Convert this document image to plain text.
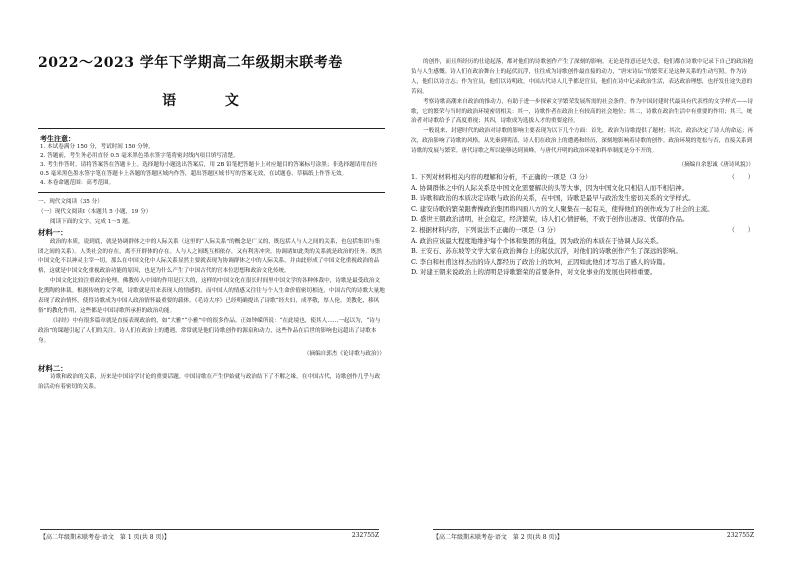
2022～2023 学年下学期高二年级期末联考卷
语 文
考生注意：

1. 本试卷满分 150 分，考试时间 150 分钟。

2. 答题前，考生务必用直径 0.5 毫米黑色墨水签字笔将密封线内项目填写清楚。

3. 考生作答时，请将答案答在答题卡上。选择题每小题选出答案后，用 2B 铅笔把答题卡上对应题目的答案标号涂黑；非选择题请用直径 0.5 毫米黑色墨水签字笔在答题卡上各题的答题区域内作答，超出答题区域书写的答案无效，在试题卷、草稿纸上作答无效。

4. 本卷命题范围：高考范围。

一、现代文阅读（35 分）

（一）现代文阅读Ⅰ（本题共 5 小题，19 分）

阅读下面的文字，完成 1～5 题。

材料一：

政治的本质，说到底，就是协调群体之中的人际关系（这里的“人际关系”的概念是广义的，既包括人与人之间的关系，也包括集团与集团之间的关系）。人类社会的存在，离不开群体的存在。人与人之间既互相依存，又有利害冲突。协调诸如此类的关系就是政治的任务。既然中国文化不以神灵主宰一切，那么在中国文化中人际关系显然主要就表现为协调群体之中的人际关系，并由此形成了中国文化重视政治的品格，这就是中国文化重视政治功能的原因，也是为什么产生了中国古代的官本位思想和政治文化传统。

中国文化比较注重政治伦理，佛教传入中国的作用是巨大的，这样的中国文化在很长时间里中国文学的各种体裁中，诗歌是最受政治文化熏陶的体裁。根据传统的文学观，诗歌就是用来表现人的情感的，而中国人的情感又往往与个人生命价值密切相连，中国古代的诗歌大量地表现了政治情怀，使得诗歌成为中国人政治情怀最重要的载体。《毛诗大序》已经明确提出了诗歌“经夫妇，成孝敬，厚人伦，美教化，移风俗”的教化作用，这些都是中国诗歌所承担的政治功能。

《诗经》中有很多篇章就是直接表现政治的，如“大雅”“小雅”中的很多作品。正如钟嵘所说：“在此境也，使其人……一起以为，“诗与政治”的课题引起了人们的关注。诗人们在政治上的遭遇，常常就是他们诗歌创作的源泉和动力，这些作品在后世的影响也远超出了诗歌本身。

（摘编自郭杰《论诗歌与政治》）

材料二：

诗歌和政治的关系，历来是中国诗学讨论的重要话题。中国诗歌在产生伊始就与政治结下了不解之缘，在中国古代，诗歌创作几乎与政治活动有着密切的关系。

【高二年级期末联考卷·语文　第 1 页(共 8 页)】	232755Z

的创作，而且所经历的仕途起落，都对他们的诗歌创作产生了深刻的影响。无论是得意还是失意，他们都在诗歌中记录下自己的政治抱负与人生感慨。诗人们在政治舞台上的起伏沉浮，往往成为诗歌创作最直接的动力，“唐宋诗坛”的繁荣正是这种关系的生动写照。作为诗人，他们以诗言志；作为官员，他们以诗明政。中国古代诗人几乎都是官员，他们在诗中记录政治生活，表达政治理想，也抒发仕途失意的苦闷。

考察诗歌高潮来自政治的推动力，有助于进一步探索文学繁荣发展所需的社会条件。作为中国封建时代最具有代表性的文学样式——诗歌，它的繁荣与当时的政治环境密切相关：其一，诗歌作者在政治上有较高的社会地位；其二，诗歌在政治生活中有重要的作用；其三，统治者对诗歌给予了高度重视；其四，诗歌成为选拔人才的重要途径。

一般说来，封建时代的政治对诗歌的影响主要表现为以下几个方面：首先，政治为诗歌提供了题材；其次，政治决定了诗人的命运；再次，政治影响了诗歌的风格。从先秦到明清，诗人们在政治上的遭遇和经历，深刻地影响着诗歌的创作。政治环境的宽松与否，直接关系到诗歌的发展与繁荣。唐代诗歌之所以能够达到顶峰，与唐代开明的政治环境和科举制度是分不开的。

（摘编自余恕诚《唐诗风貌》）

1. 下列对材料相关内容的理解和分析，不正确的一项是（3 分）	（　　）

A. 协调群体之中的人际关系是中国文化需要解决的头等大事，因为中国文化只相信人而不相信神。

B. 诗歌和政治的本质决定诗歌与政治的关系，在中国，诗歌是最早与政治发生密切关系的文学样式。

C. 建安诗歌的繁荣跟曹操政治集团将四面八方的文人聚集在一起有关，使得他们的创作成为了社会的主流。

D. 盛世王朝政治清明，社会稳定，经济繁荣，诗人们心情舒畅，不致于创作出凄凉、忧郁的作品。

2. 根据材料内容，下列说法不正确的一项是（3 分）	（　　）

A. 政治应该最大程度地维护每个个体和集团的利益，因为政治的本质在于协调人际关系。

B. 王安石、苏东坡等文学大家在政治舞台上的起伏沉浮，对他们的诗歌创作产生了深远的影响。

C. 李白和杜甫这样杰出的诗人都经历了政治上的坎坷，正因如此他们才写出了感人的诗篇。

D. 对建王朝来说政治上的清明是诗歌繁荣的首要条件，对文化事业的发展也同样重要。

【高二年级期末联考卷·语文　第 2 页(共 8 页)】	232755Z
